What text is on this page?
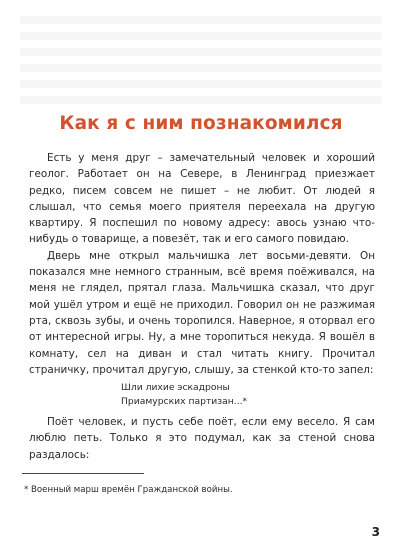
Как я с ним познакомился

Есть у меня друг – замечательный человек и хороший геолог. Работает он на Севере, в Ленинград приезжает редко, писем совсем не пишет – не любит. От людей я слышал, что семья моего приятеля переехала на другую квартиру. Я поспешил по новому адресу: авось узнаю что-нибудь о товарище, а повезёт, так и его самого повидаю.

Дверь мне открыл мальчишка лет восьми-девяти. Он показался мне немного странным, всё время поёживался, на меня не глядел, прятал глаза. Мальчишка сказал, что друг мой ушёл утром и ещё не приходил. Говорил он не разжимая рта, сквозь зубы, и очень торопился. Наверное, я оторвал его от интересной игры. Ну, а мне торопиться некуда. Я вошёл в комнату, сел на диван и стал читать книгу. Прочитал страничку, прочитал другую, слышу, за стенкой кто-то запел:

Шли лихие эскадроны
Приамурских партизан...*

Поёт человек, и пусть себе поёт, если ему весело. Я сам люблю петь. Только я это подумал, как за стеной снова раздалось:

* Военный марш времён Гражданской войны.
3
